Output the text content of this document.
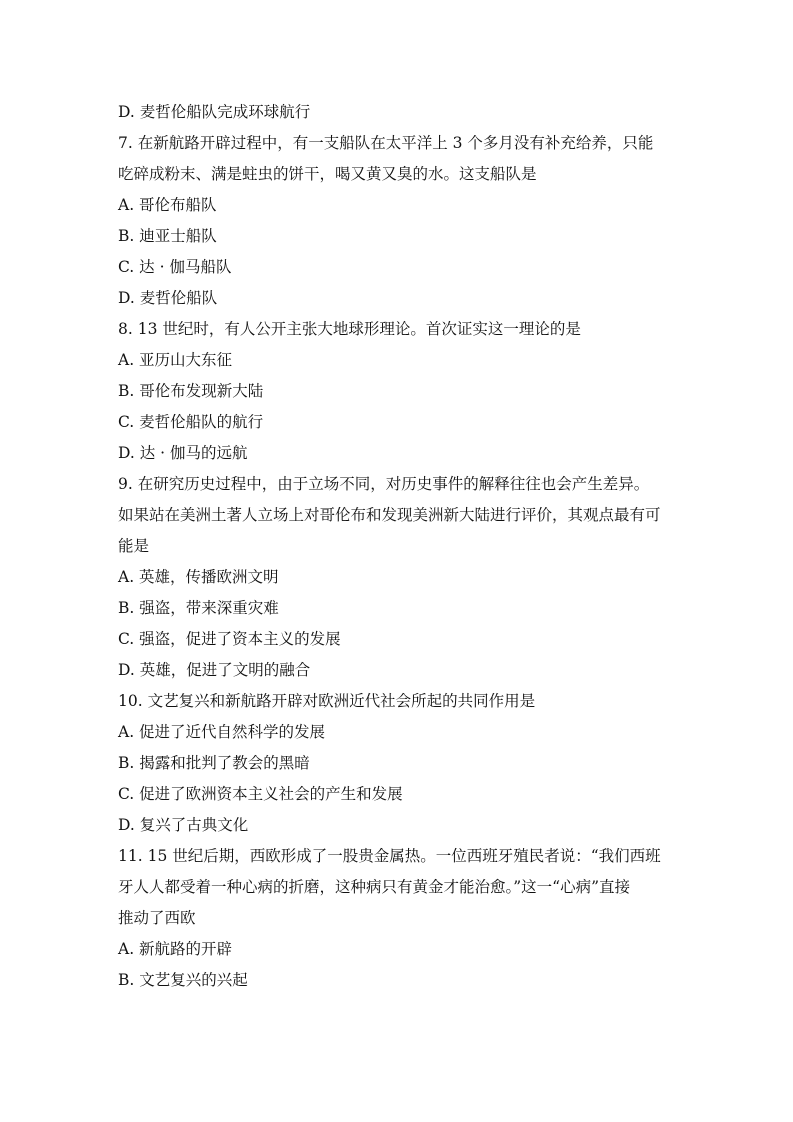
D. 麦哲伦船队完成环球航行
7. 在新航路开辟过程中，有一支船队在太平洋上 3 个多月没有补充给养，只能
吃碎成粉末、满是蛀虫的饼干，喝又黄又臭的水。这支船队是
A. 哥伦布船队
B. 迪亚士船队
C. 达 · 伽马船队
D. 麦哲伦船队
8. 13 世纪时，有人公开主张大地球形理论。首次证实这一理论的是
A. 亚历山大东征
B. 哥伦布发现新大陆
C. 麦哲伦船队的航行
D. 达 · 伽马的远航
9. 在研究历史过程中，由于立场不同，对历史事件的解释往往也会产生差异。
如果站在美洲土著人立场上对哥伦布和发现美洲新大陆进行评价，其观点最有可
能是
A. 英雄，传播欧洲文明
B. 强盗，带来深重灾难
C. 强盗，促进了资本主义的发展
D. 英雄，促进了文明的融合
10. 文艺复兴和新航路开辟对欧洲近代社会所起的共同作用是
A. 促进了近代自然科学的发展
B. 揭露和批判了教会的黑暗
C. 促进了欧洲资本主义社会的产生和发展
D. 复兴了古典文化
11. 15 世纪后期，西欧形成了一股贵金属热。一位西班牙殖民者说：“我们西班
牙人人都受着一种心病的折磨，这种病只有黄金才能治愈。”这一“心病”直接
推动了西欧
A. 新航路的开辟
B. 文艺复兴的兴起
